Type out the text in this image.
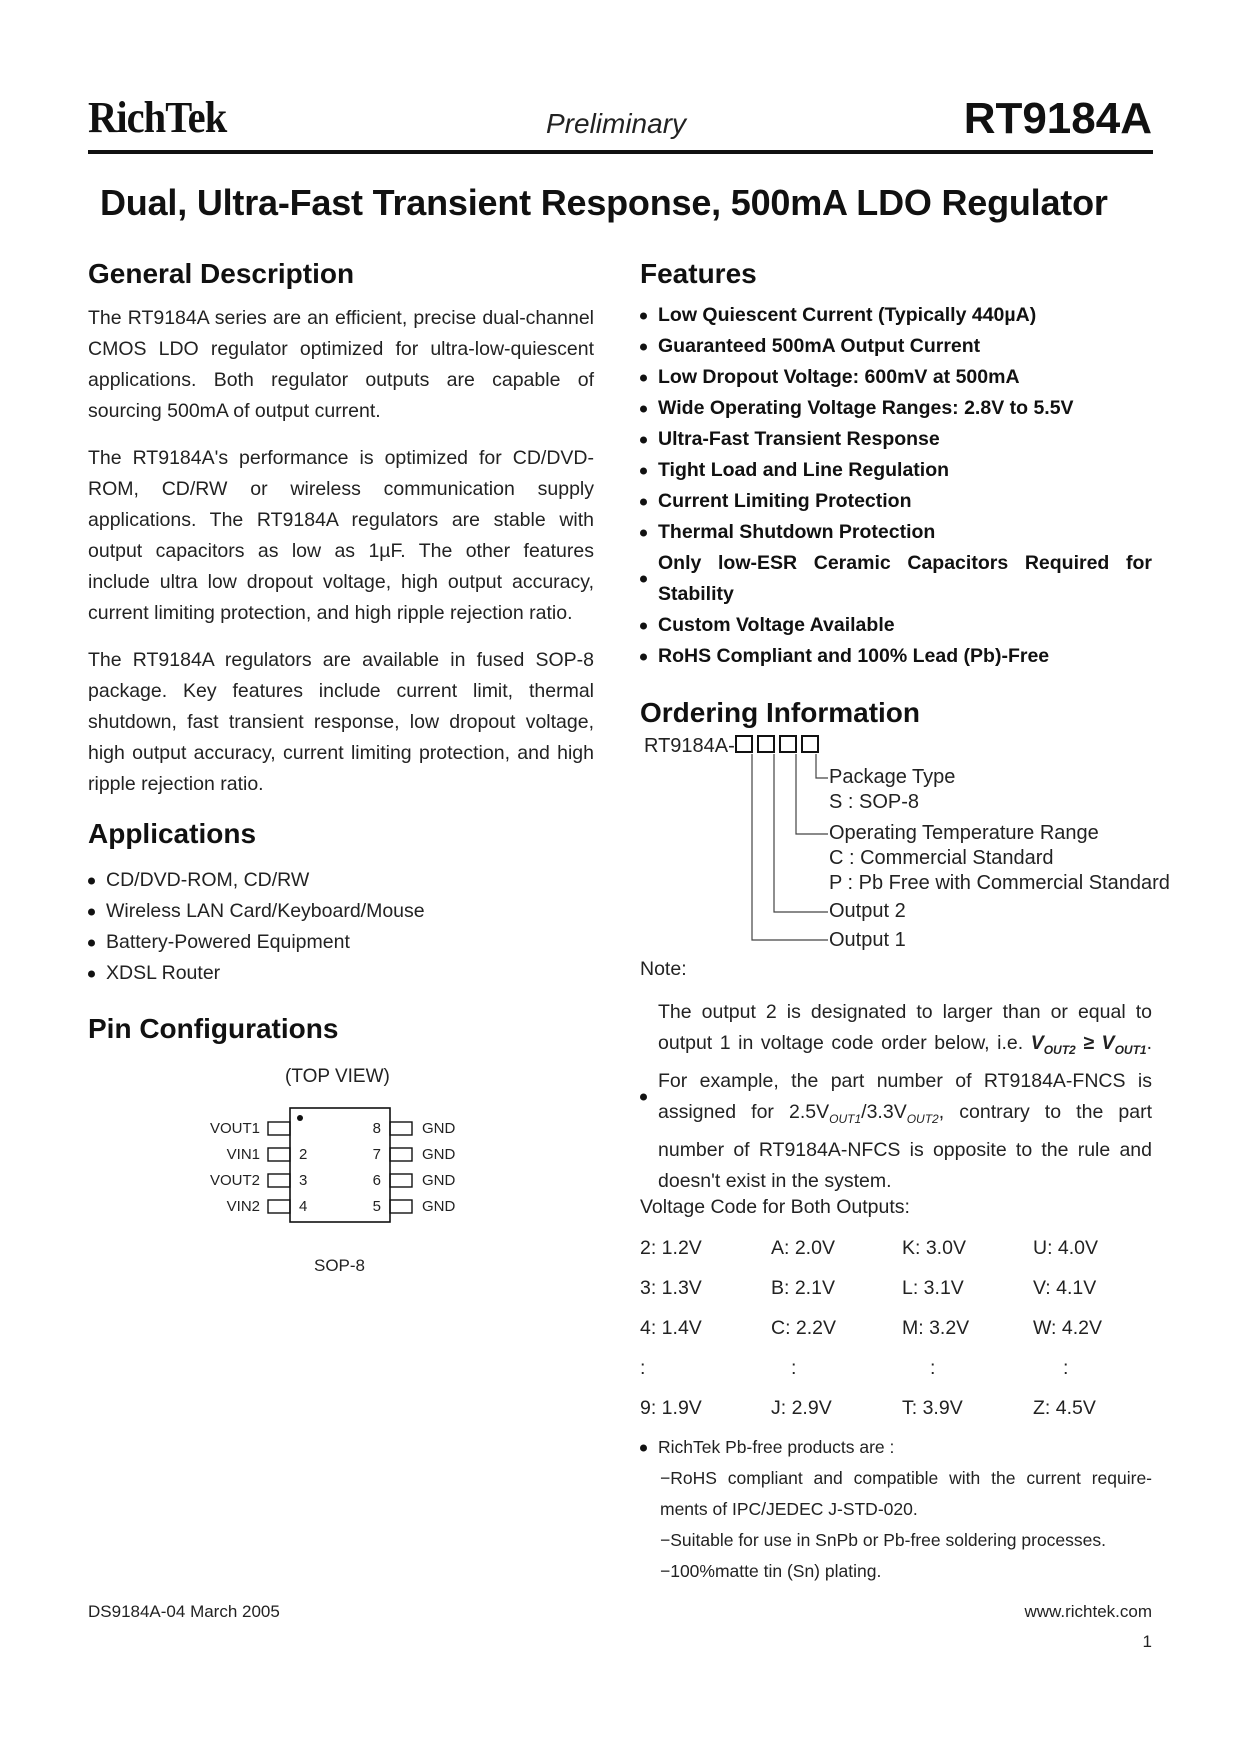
RichTek	Preliminary	RT9184A
Dual, Ultra-Fast Transient Response, 500mA LDO Regulator
General Description
The RT9184A series are an efficient, precise dual-channel CMOS LDO regulator optimized for ultra-low-quiescent applications. Both regulator outputs are capable of sourcing 500mA of output current.
The RT9184A's performance is optimized for CD/DVD-ROM, CD/RW or wireless communication supply applications. The RT9184A regulators are stable with output capacitors as low as 1µF. The other features include ultra low dropout voltage, high output accuracy, current limiting protection, and high ripple rejection ratio.
The RT9184A regulators are available in fused SOP-8 package. Key features include current limit, thermal shutdown, fast transient response, low dropout voltage, high output accuracy, current limiting protection, and high ripple rejection ratio.
Applications
CD/DVD-ROM, CD/RW
Wireless LAN Card/Keyboard/Mouse
Battery-Powered Equipment
XDSL Router
Pin Configurations
(TOP VIEW)
VOUT1
VIN1
VOUT2
VIN2
2
3
4
8
7
6
5
GND
GND
GND
GND
SOP-8
Features
Low Quiescent Current (Typically 440µA)
Guaranteed 500mA Output Current
Low Dropout Voltage: 600mV at 500mA
Wide Operating Voltage Ranges: 2.8V to 5.5V
Ultra-Fast Transient Response
Tight Load and Line Regulation
Current Limiting Protection
Thermal Shutdown Protection
Only low-ESR Ceramic Capacitors Required for Stability
Custom Voltage Available
RoHS Compliant and 100% Lead (Pb)-Free
Ordering Information
RT9184A-
Package Type
S : SOP-8
Operating Temperature Range
C : Commercial Standard
P : Pb Free with Commercial Standard
Output 2
Output 1
Note:
The output 2 is designated to larger than or equal to output 1 in voltage code order below, i.e. $V_{OUT2} \ge V_{OUT1}$. For example, the part number of RT9184A-FNCS is assigned for $2.5V_{OUT1}/3.3V_{OUT2}$, contrary to the part number of RT9184A-NFCS is opposite to the rule and doesn't exist in the system.
Voltage Code for Both Outputs:
2: 1.2V	A: 2.0V	K: 3.0V	U: 4.0V
3: 1.3V	B: 2.1V	L: 3.1V	V: 4.1V
4: 1.4V	C: 2.2V	M: 3.2V	W: 4.2V
:	:	:	:
9: 1.9V	J: 2.9V	T: 3.9V	Z: 4.5V
RichTek Pb-free products are :
−RoHS compliant and compatible with the current require- ments of IPC/JEDEC J-STD-020.
−Suitable for use in SnPb or Pb-free soldering processes.
−100%matte tin (Sn) plating.
DS9184A-04 March 2005	www.richtek.com
1
